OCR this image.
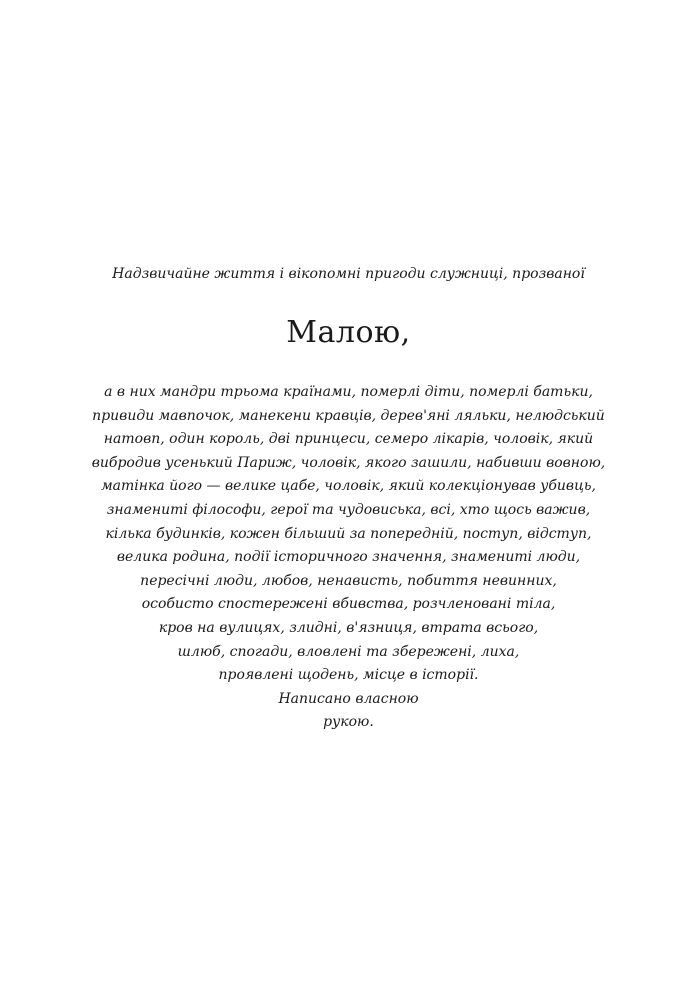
Надзвичайне життя і вікопомні пригоди служниці, прозваної
Малою,
а в них мандри трьома країнами, померлі діти, померлі батьки,
привиди мавпочок, манекени кравців, дерев'яні ляльки, нелюдський
натовп, один король, дві принцеси, семеро лікарів, чоловік, який
вибродив усенький Париж, чоловік, якого зашили, набивши вовною,
матінка його — велике цабе, чоловік, який колекціонував убивць,
знамениті філософи, герої та чудовиська, всі, хто щось важив,
кілька будинків, кожен більший за попередній, поступ, відступ,
велика родина, події історичного значення, знамениті люди,
пересічні люди, любов, ненависть, побиття невинних,
особисто спостережені вбивства, розчленовані тіла,
кров на вулицях, злидні, в'язниця, втрата всього,
шлюб, спогади, вловлені та збережені, лиха,
проявлені щодень, місце в історії.
Написано власною
рукою.
